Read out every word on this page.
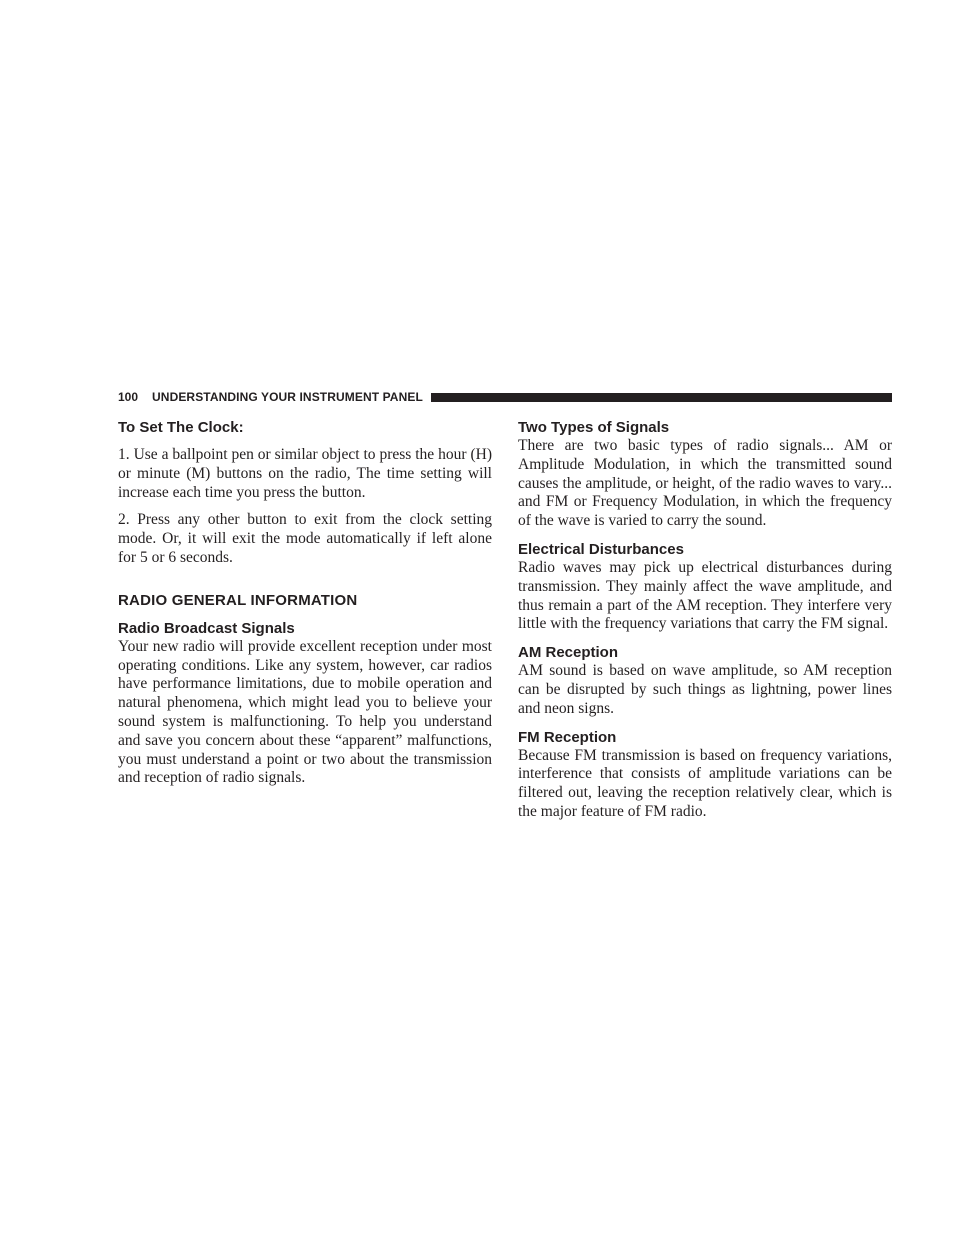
100 UNDERSTANDING YOUR INSTRUMENT PANEL
To Set The Clock:

1. Use a ballpoint pen or similar object to press the hour (H) or minute (M) buttons on the radio, The time setting will increase each time you press the button.

2. Press any other button to exit from the clock setting mode. Or, it will exit the mode automatically if left alone for 5 or 6 seconds.

RADIO GENERAL INFORMATION
Radio Broadcast Signals

Your new radio will provide excellent reception under most operating conditions. Like any system, however, car radios have performance limitations, due to mobile operation and natural phenomena, which might lead you to believe your sound system is malfunctioning. To help you understand and save you concern about these “apparent” malfunctions, you must understand a point or two about the transmission and reception of radio signals.

Two Types of Signals

There are two basic types of radio signals... AM or Amplitude Modulation, in which the transmitted sound causes the amplitude, or height, of the radio waves to vary... and FM or Frequency Modulation, in which the frequency of the wave is varied to carry the sound.

Electrical Disturbances

Radio waves may pick up electrical disturbances during transmission. They mainly affect the wave amplitude, and thus remain a part of the AM reception. They interfere very little with the frequency variations that carry the FM signal.

AM Reception

AM sound is based on wave amplitude, so AM reception can be disrupted by such things as lightning, power lines and neon signs.

FM Reception

Because FM transmission is based on frequency variations, interference that consists of amplitude variations can be filtered out, leaving the reception relatively clear, which is the major feature of FM radio.
